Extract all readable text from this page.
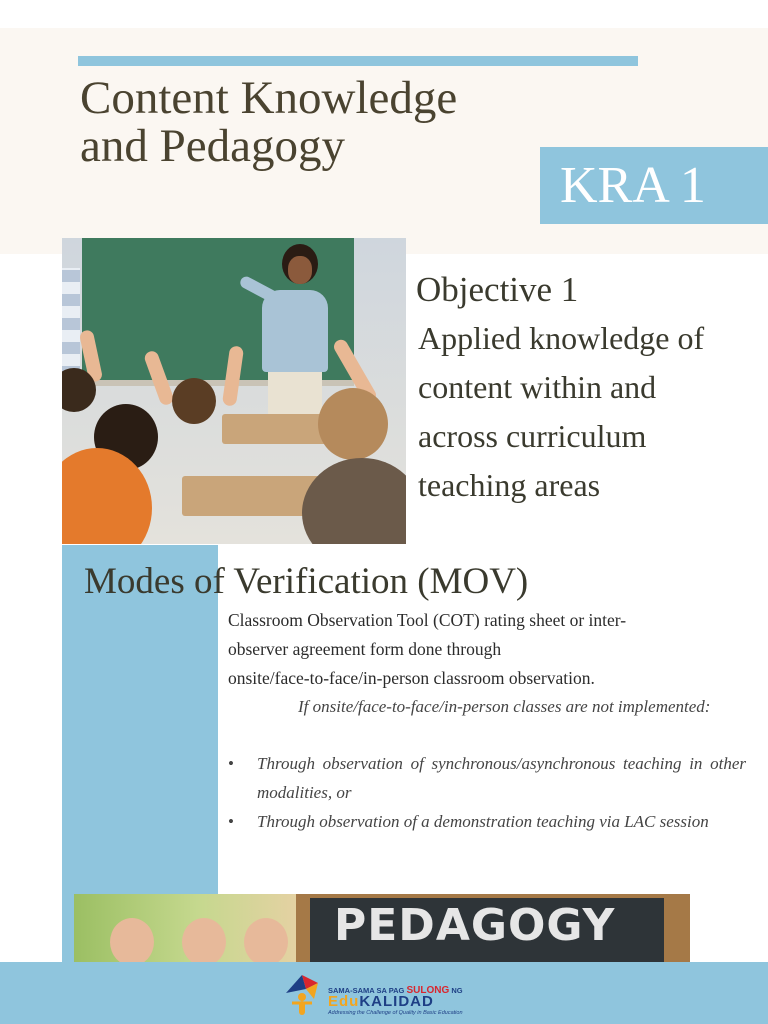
Content Knowledge
and Pedagogy
KRA 1
Objective 1
Applied knowledge of
content within and
across curriculum
teaching areas
Modes of Verification (MOV)
Classroom Observation Tool (COT) rating sheet or inter-
observer agreement form done through
onsite/face-to-face/in-person classroom observation.
If onsite/face-to-face/in-person classes are not implemented:
• Through observation of synchronous/asynchronous teaching in other modalities, or
• Through observation of a demonstration teaching via LAC session
PEDAGOGY
SAMA-SAMA SA PAG SULONG NG
EduKALIDAD
Addressing the Challenge of Quality in Basic Education
